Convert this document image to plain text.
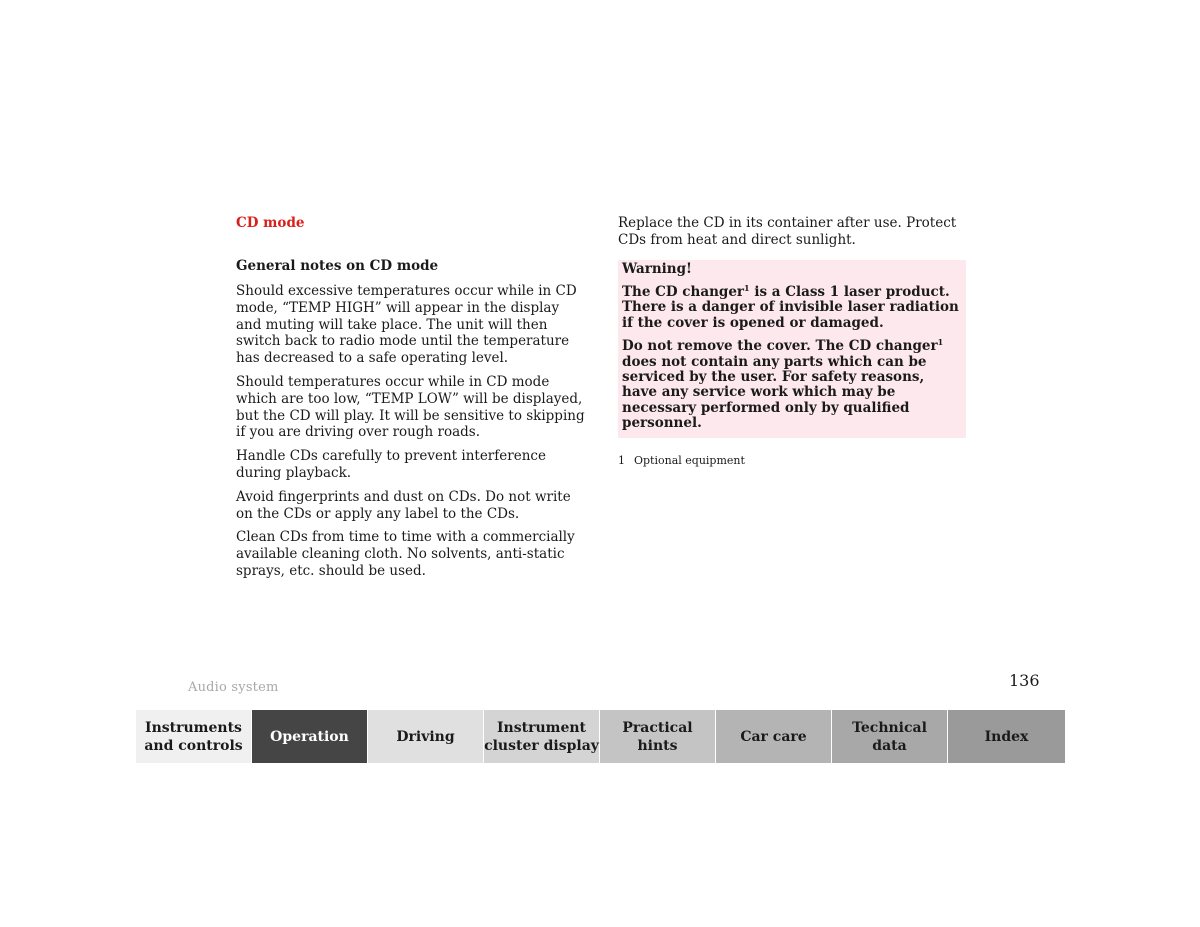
CD mode
General notes on CD mode

Should excessive temperatures occur while in CD mode, “TEMP HIGH” will appear in the display and muting will take place. The unit will then switch back to radio mode until the temperature has decreased to a safe operating level.

Should temperatures occur while in CD mode which are too low, “TEMP LOW” will be displayed, but the CD will play. It will be sensitive to skipping if you are driving over rough roads.

Handle CDs carefully to prevent interference during playback.

Avoid fingerprints and dust on CDs. Do not write on the CDs or apply any label to the CDs.

Clean CDs from time to time with a commercially available cleaning cloth. No solvents, anti-static sprays, etc. should be used.

Replace the CD in its container after use. Protect CDs from heat and direct sunlight.

Warning!

The CD changer$^1$ is a Class 1 laser product. There is a danger of invisible laser radiation if the cover is opened or damaged.

Do not remove the cover. The CD changer$^1$ does not contain any parts which can be serviced by the user. For safety reasons, have any service work which may be necessary performed only by qualified personnel.

1 Optional equipment
Audio system	136
Instruments
and controls
Operation	Driving
Instrument
cluster display
Practical hints
Car care
Technical
data
Index
